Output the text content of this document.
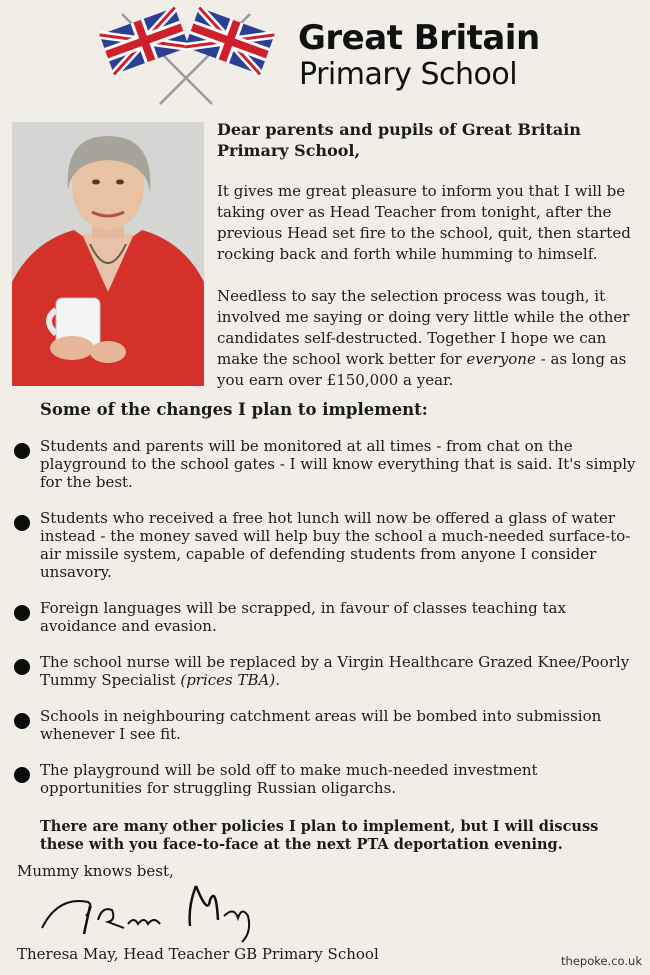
Great Britain
Primary School
Dear parents and pupils of Great Britain Primary School,
It gives me great pleasure to inform you that I will be taking over as Head Teacher from tonight, after the previous Head set fire to the school, quit, then started rocking back and forth while humming to himself.
Needless to say the selection process was tough, it involved me saying or doing very little while the other candidates self-destructed. Together I hope we can make the school work better for everyone - as long as you earn over £150,000 a year.
Some of the changes I plan to implement:
Students and parents will be monitored at all times - from chat on the playground to the school gates - I will know everything that is said. It's simply for the best.
Students who received a free hot lunch will now be offered a glass of water instead - the money saved will help buy the school a much-needed surface-to-air missile system, capable of defending students from anyone I consider unsavory.
Foreign languages will be scrapped, in favour of classes teaching tax avoidance and evasion.
The school nurse will be replaced by a Virgin Healthcare Grazed Knee/Poorly Tummy Specialist (prices TBA).
Schools in neighbouring catchment areas will be bombed into submission whenever I see fit.
The playground will be sold off to make much-needed investment opportunities for struggling Russian oligarchs.
There are many other policies I plan to implement, but I will discuss these with you face-to-face at the next PTA deportation evening.
Mummy knows best,
Theresa May, Head Teacher GB Primary School	thepoke.co.uk
